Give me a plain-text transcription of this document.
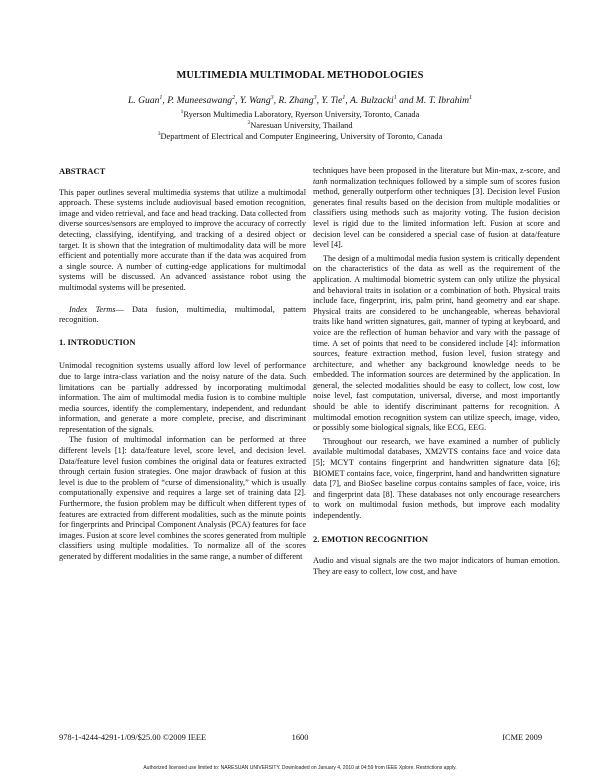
MULTIMEDIA MULTIMODAL METHODOLOGIES
L. Guan$^1$, P. Muneesawang$^2$, Y. Wang$^3$, R. Zhang$^3$, Y. Tie$^1$, A. Bulzacki$^1$ and M. T. Ibrahim$^1$
$^1$Ryerson Multimedia Laboratory, Ryerson University, Toronto, Canada
$^2$Naresuan University, Thailand
$^3$Department of Electrical and Computer Engineering, University of Toronto, Canada

ABSTRACT

This paper outlines several multimedia systems that utilize a multimodal approach. These systems include audiovisual based emotion recognition, image and video retrieval, and face and head tracking. Data collected from diverse sources/sensors are employed to improve the accuracy of correctly detecting, classifying, identifying, and tracking of a desired object or target. It is shown that the integration of multimodality data will be more efficient and potentially more accurate than if the data was acquired from a single source. A number of cutting-edge applications for multimodal systems will be discussed. An advanced assistance robot using the multimodal systems will be presented.

Index Terms— Data fusion, multimedia, multimodal, pattern recognition.

1. INTRODUCTION

Unimodal recognition systems usually afford low level of performance due to large intra-class variation and the noisy nature of the data. Such limitations can be partially addressed by incorporating multimodal information. The aim of multimodal media fusion is to combine multiple media sources, identify the complementary, independent, and redundant information, and generate a more complete, precise, and discriminant representation of the signals.

The fusion of multimodal information can be performed at three different levels [1]: data/feature level, score level, and decision level. Data/feature level fusion combines the original data or features extracted through certain fusion strategies. One major drawback of fusion at this level is due to the problem of “curse of dimensionality,” which is usually computationally expensive and requires a large set of training data [2]. Furthermore, the fusion problem may be difficult when different types of features are extracted from different modalities, such as the minute points for fingerprints and Principal Component Analysis (PCA) features for face images. Fusion at score level combines the scores generated from multiple classifiers using multiple modalities. To normalize all of the scores generated by different modalities in the same range, a number of different

techniques have been proposed in the literature but Min-max, z-score, and tanh normalization techniques followed by a simple sum of scores fusion method, generally outperform other techniques [3]. Decision level Fusion generates final results based on the decision from multiple modalities or classifiers using methods such as majority voting. The fusion decision level is rigid due to the limited information left. Fusion at score and decision level can be considered a special case of fusion at data/feature level [4].

The design of a multimodal media fusion system is critically dependent on the characteristics of the data as well as the requirement of the application. A multimodal biometric system can only utilize the physical and behavioral traits in isolation or a combination of both. Physical traits include face, fingerprint, iris, palm print, hand geometry and ear shape. Physical traits are considered to be unchangeable, whereas behavioral traits like hand written signatures, gait, manner of typing at keyboard, and voice are the reflection of human behavior and vary with the passage of time. A set of points that need to be considered include [4]: information sources, feature extraction method, fusion level, fusion strategy and architecture, and whether any background knowledge needs to be embedded. The information sources are determined by the application. In general, the selected modalities should be easy to collect, low cost, low noise level, fast computation, universal, diverse, and most importantly should be able to identify discriminant patterns for recognition. A multimodal emotion recognition system can utilize speech, image, video, or possibly some biological signals, like ECG, EEG.

Throughout our research, we have examined a number of publicly available multimodal databases, XM2VTS contains face and voice data [5]; MCYT contains fingerprint and handwritten signature data [6]; BIOMET contains face, voice, fingerprint, hand and handwritten signature data [7], and BioSec baseline corpus contains samples of face, voice, iris and fingerprint data [8]. These databases not only encourage researchers to work on multimodal fusion methods, but improve each modality independently.

2. EMOTION RECOGNITION

Audio and visual signals are the two major indicators of human emotion. They are easy to collect, low cost, and have

978-1-4244-4291-1/09/$25.00 ©2009 IEEE	1600	ICME 2009
Authorized licensed use limited to: NARESUAN UNIVERSITY. Downloaded on January 4, 2010 at 04:59 from IEEE Xplore. Restrictions apply.
